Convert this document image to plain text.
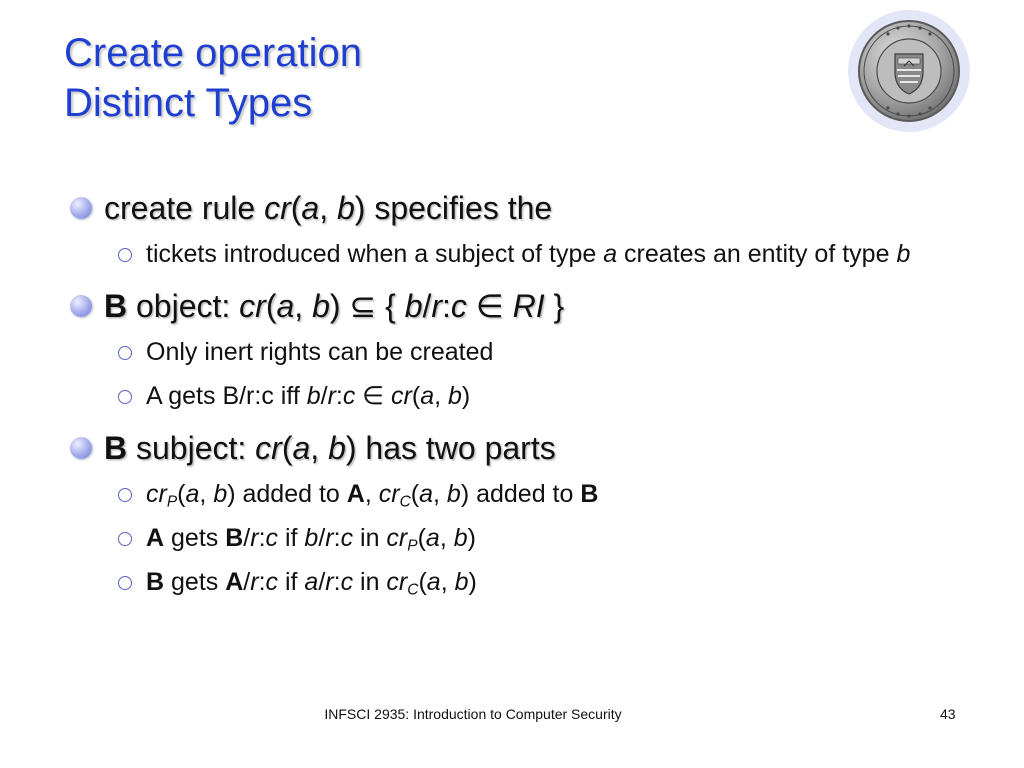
Create operation
Distinct Types
create rule cr(a, b) specifies the
tickets introduced when a subject of type a creates an entity of type b
B object: cr(a, b) ⊆ { b/r:c ∈ RI }
Only inert rights can be created
A gets B/r:c iff b/r:c ∈ cr(a, b)
B subject: cr(a, b) has two parts
$cr_P(a$, b) added to A, $cr_C(a$, b) added to B
A gets B/r:c if b/r:c in $cr_P(a$, b)
B gets A/r:c if a/r:c in $cr_C(a$, b)
INFSCI 2935: Introduction to Computer Security	43
